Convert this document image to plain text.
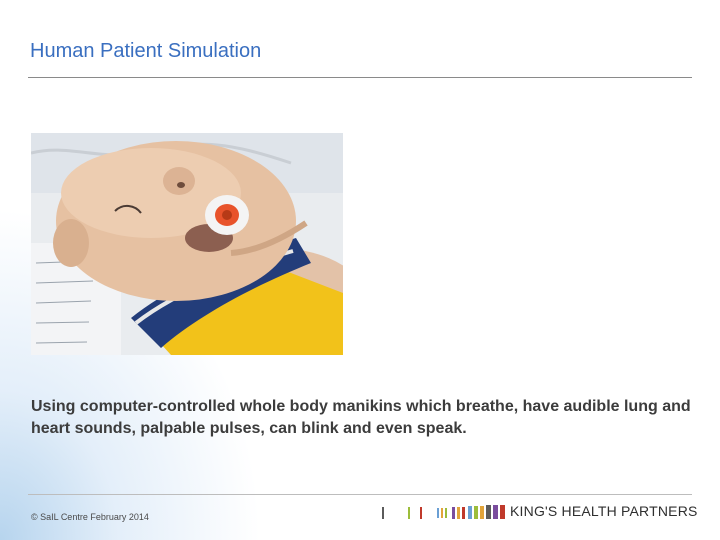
Human Patient Simulation
Using computer-controlled whole body manikins which breathe, have audible lung and heart sounds, palpable pulses, can blink and even speak.
© SaIL Centre February 2014	KING'S HEALTH PARTNERS
